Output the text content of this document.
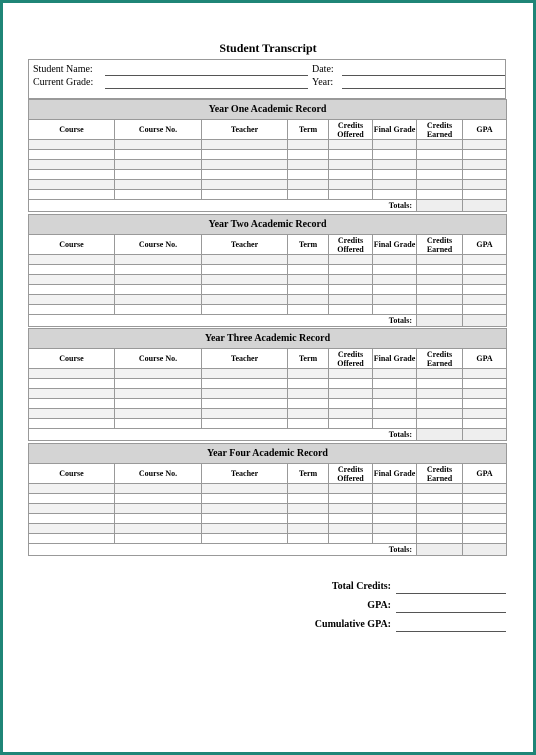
Student Transcript
Student Name:	Date:
Current Grade:	Year:
Year One Academic Record							
Course	Course No.	Teacher	Term	Credits Offered	Final Grade	Credits Earned	GPA

Totals:							
Year Two Academic Record							
Course	Course No.	Teacher	Term	Credits Offered	Final Grade	Credits Earned	GPA

Totals:							
Year Three Academic Record							
Course	Course No.	Teacher	Term	Credits Offered	Final Grade	Credits Earned	GPA

Totals:							
Year Four Academic Record							
Course	Course No.	Teacher	Term	Credits Offered	Final Grade	Credits Earned	GPA

Totals:							
Total Credits:
GPA:
Cumulative GPA:
